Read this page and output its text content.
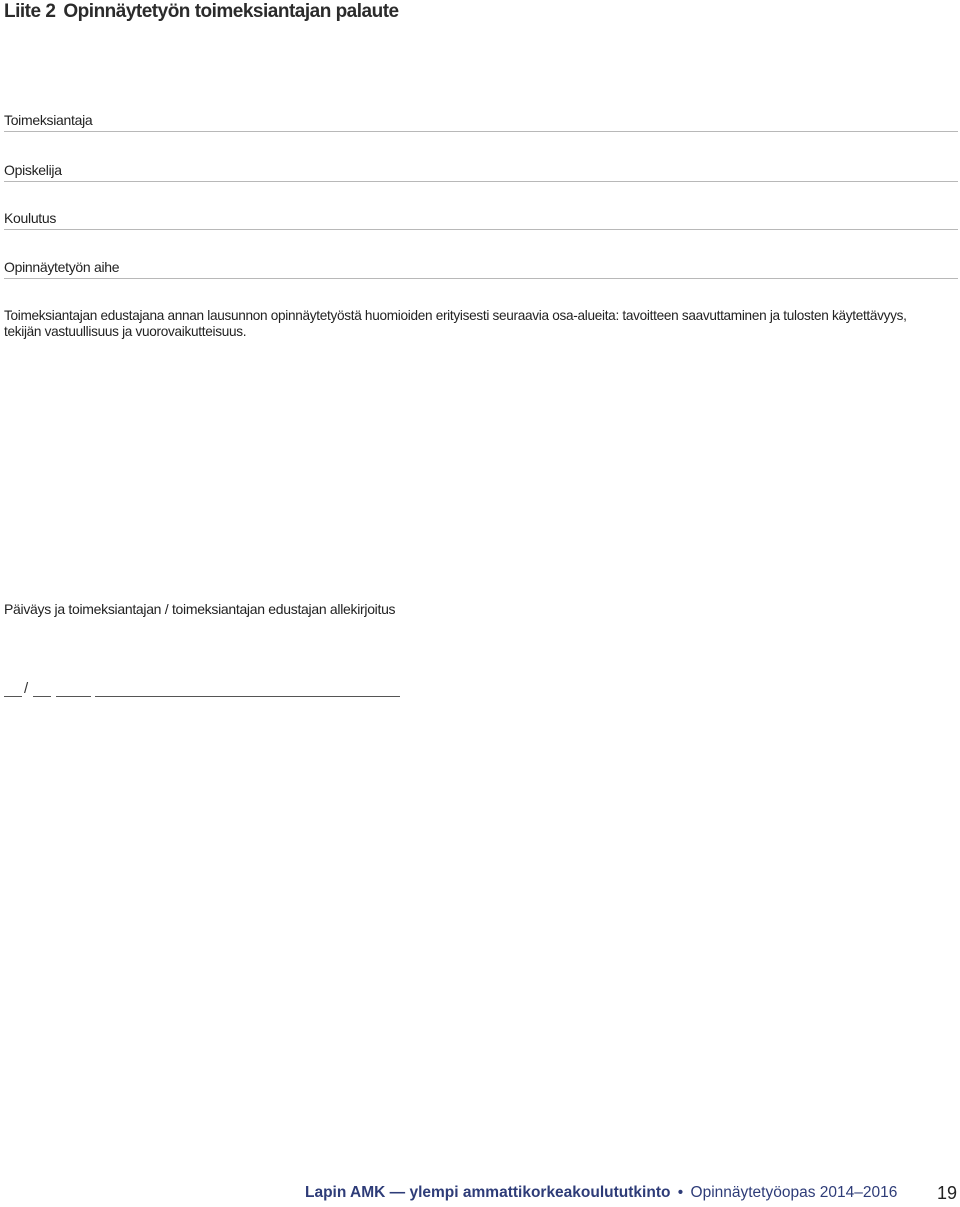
Liite 2 Opinnäytetyön toimeksiantajan palaute
Toimeksiantaja
Opiskelija
Koulutus
Opinnäytetyön aihe
Toimeksiantajan edustajana annan lausunnon opinnäytetyöstä huomioiden erityisesti seuraavia osa-alueita: tavoitteen saavuttaminen ja tulosten käytettävyys, tekijän vastuullisuus ja vuorovaikutteisuus.
Päiväys ja toimeksiantajan / toimeksiantajan edustajan allekirjoitus
/
Lapin AMK — ylempi ammattikorkeakoulututkinto • Opinnäytetyöopas 2014–2016 19
